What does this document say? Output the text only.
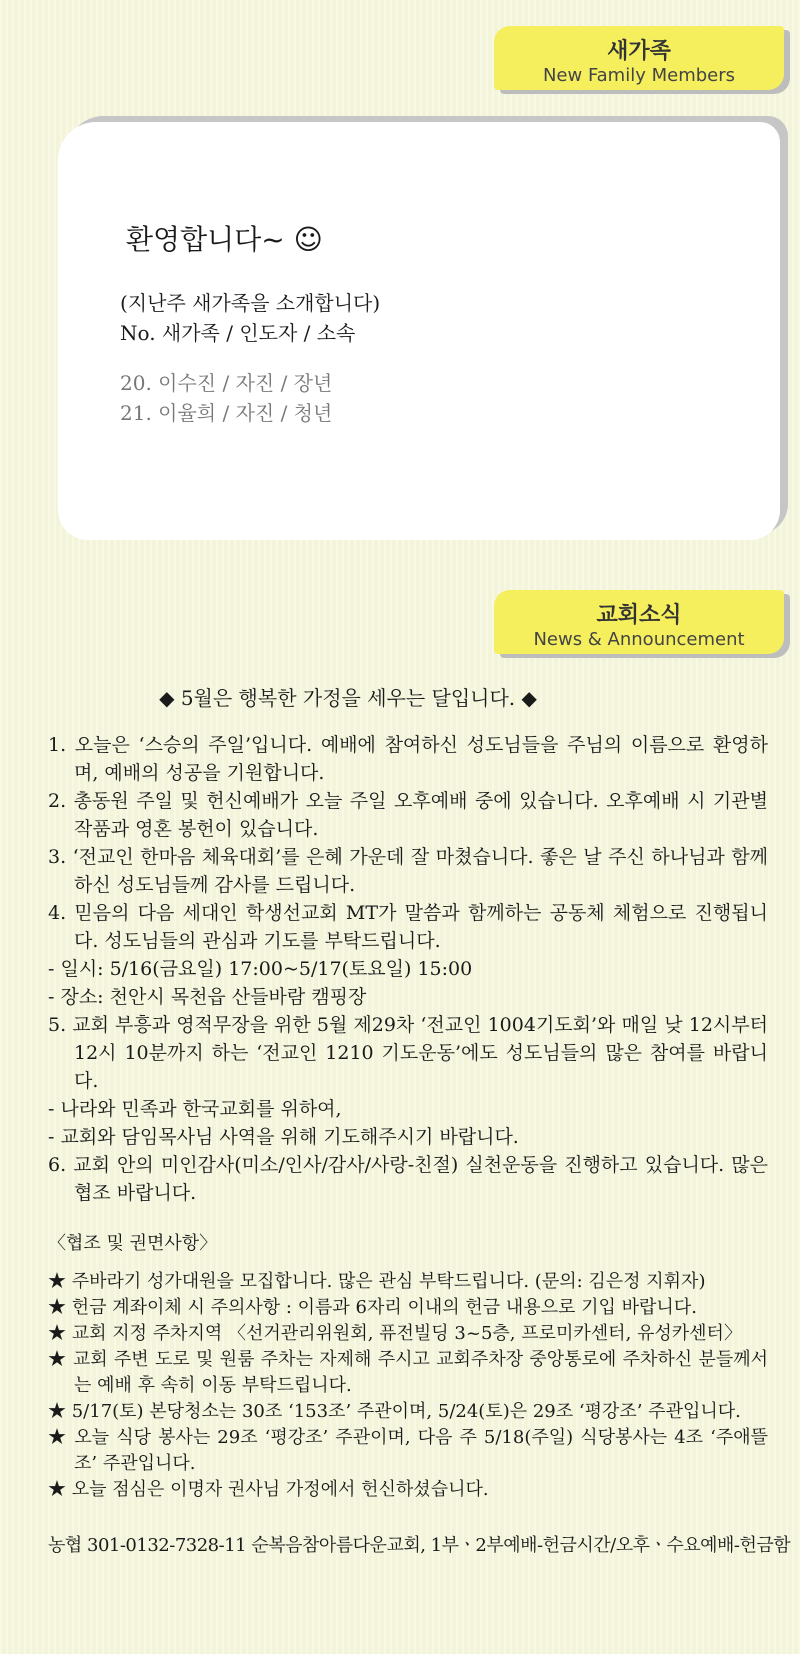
새가족
New Family Members
환영합니다~ ☺
(지난주 새가족을 소개합니다)
No. 새가족 / 인도자 / 소속
20. 이수진 / 자진 / 장년
21. 이율희 / 자진 / 청년
교회소식
News & Announcement
◆ 5월은 행복한 가정을 세우는 달입니다. ◆
1. 오늘은 ‘스승의 주일’입니다. 예배에 참여하신 성도님들을 주님의 이름으로 환영하며, 예배의 성공을 기원합니다.
2. 총동원 주일 및 헌신예배가 오늘 주일 오후예배 중에 있습니다. 오후예배 시 기관별 작품과 영혼 봉헌이 있습니다.
3. ‘전교인 한마음 체육대회’를 은혜 가운데 잘 마쳤습니다. 좋은 날 주신 하나님과 함께하신 성도님들께 감사를 드립니다.
4. 믿음의 다음 세대인 학생선교회 MT가 말씀과 함께하는 공동체 체험으로 진행됩니다. 성도님들의 관심과 기도를 부탁드립니다.
- 일시: 5/16(금요일) 17:00~5/17(토요일) 15:00
- 장소: 천안시 목천읍 산들바람 캠핑장
5. 교회 부흥과 영적무장을 위한 5월 제29차 ‘전교인 1004기도회’와 매일 낮 12시부터 12시 10분까지 하는 ‘전교인 1210 기도운동’에도 성도님들의 많은 참여를 바랍니다.
- 나라와 민족과 한국교회를 위하여,
- 교회와 담임목사님 사역을 위해 기도해주시기 바랍니다.
6. 교회 안의 미인감사(미소/인사/감사/사랑-친절) 실천운동을 진행하고 있습니다. 많은 협조 바랍니다.
〈협조 및 권면사항〉
★ 주바라기 성가대원을 모집합니다. 많은 관심 부탁드립니다. (문의: 김은정 지휘자)
★ 헌금 계좌이체 시 주의사항 : 이름과 6자리 이내의 헌금 내용으로 기입 바랍니다.
★ 교회 지정 주차지역 〈선거관리위원회, 퓨전빌딩 3~5층, 프로미카센터, 유성카센터〉
★ 교회 주변 도로 및 원룸 주차는 자제해 주시고 교회주차장 중앙통로에 주차하신 분들께서는 예배 후 속히 이동 부탁드립니다.
★ 5/17(토) 본당청소는 30조 ‘153조’ 주관이며, 5/24(토)은 29조 ‘평강조’ 주관입니다.
★ 오늘 식당 봉사는 29조 ‘평강조’ 주관이며, 다음 주 5/18(주일) 식당봉사는 4조 ‘주애뜰조’ 주관입니다.
★ 오늘 점심은 이명자 권사님 가정에서 헌신하셨습니다.
농협 301-0132-7328-11 순복음참아름다운교회, 1부ㆍ2부예배-헌금시간/오후ㆍ수요예배-헌금함
